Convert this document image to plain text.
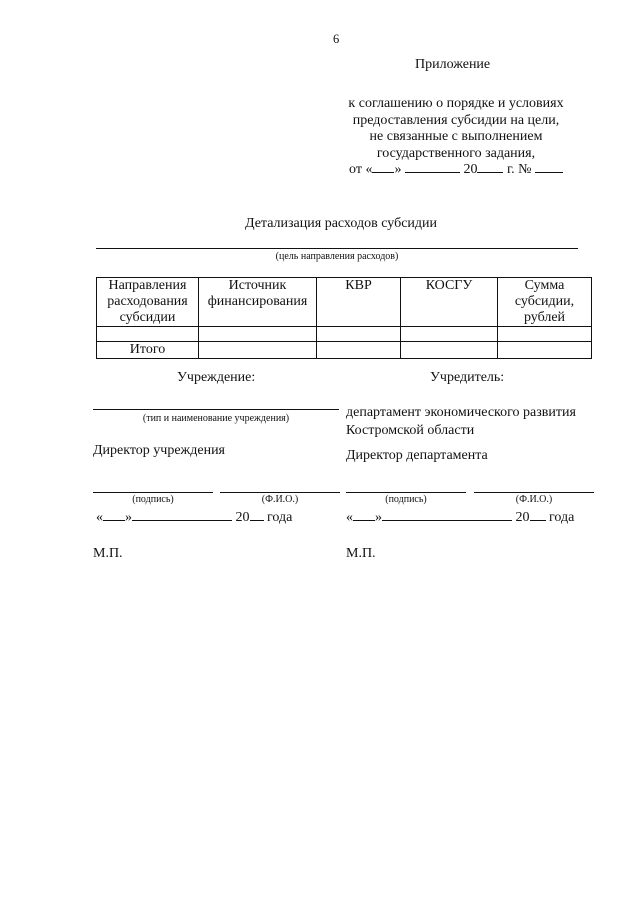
6
Приложение
к соглашению о порядке и условиях
предоставления субсидии на цели,
не связанные с выполнением
государственного задания,
от « »	20 г. №
Детализация расходов субсидии
(цель направления расходов)
Направления расходования субсидии	Источник финансирования	КВР	КОСГУ	Сумма субсидии, рублей

Итого				
Учреждение:
(тип и наименование учреждения)
Директор учреждения
(подпись)	(Ф.И.О.)
« »	20 года
М.П.
Учредитель:
департамент экономического развития
Костромской области
Директор департамента
(подпись)	(Ф.И.О.)
« »	20 года
М.П.
